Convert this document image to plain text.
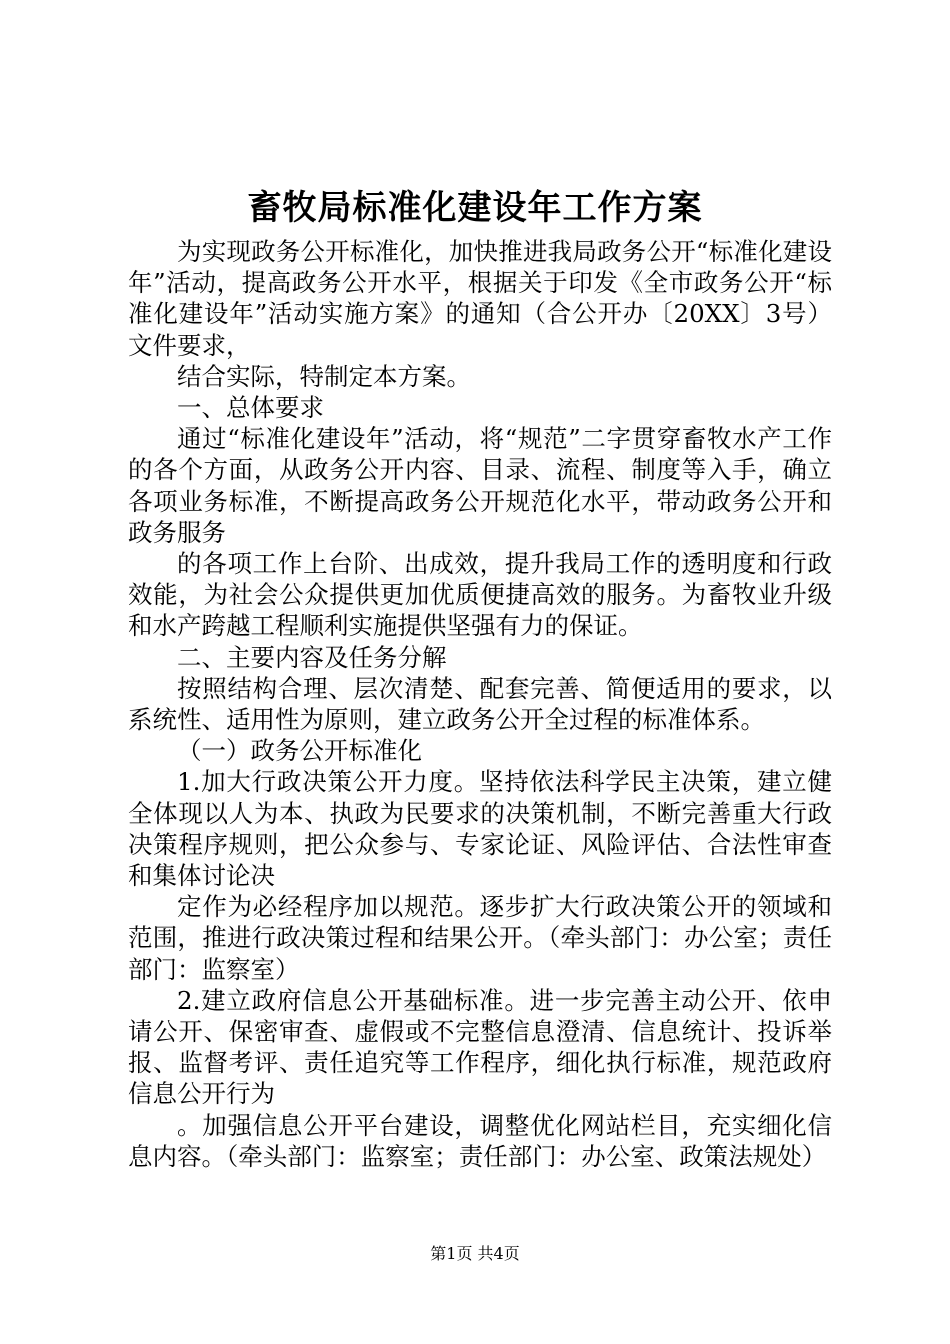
畜牧局标准化建设年工作方案

为实现政务公开标准化，加快推进我局政务公开“标准化建设年”活动，提高政务公开水平，根据关于印发《全市政务公开“标准化建设年”活动实施方案》的通知（合公开办〔20XX〕3号）文件要求，

结合实际，特制定本方案。

一、总体要求

通过“标准化建设年”活动，将“规范”二字贯穿畜牧水产工作的各个方面，从政务公开内容、目录、流程、制度等入手，确立各项业务标准，不断提高政务公开规范化水平，带动政务公开和政务服务

的各项工作上台阶、出成效，提升我局工作的透明度和行政效能，为社会公众提供更加优质便捷高效的服务。为畜牧业升级和水产跨越工程顺利实施提供坚强有力的保证。

二、主要内容及任务分解

按照结构合理、层次清楚、配套完善、简便适用的要求，以系统性、适用性为原则，建立政务公开全过程的标准体系。

（一）政务公开标准化

1.加大行政决策公开力度。坚持依法科学民主决策，建立健全体现以人为本、执政为民要求的决策机制，不断完善重大行政决策程序规则，把公众参与、专家论证、风险评估、合法性审查和集体讨论决

定作为必经程序加以规范。逐步扩大行政决策公开的领域和范围，推进行政决策过程和结果公开。（牵头部门：办公室；责任部门：监察室）

2.建立政府信息公开基础标准。进一步完善主动公开、依申请公开、保密审查、虚假或不完整信息澄清、信息统计、投诉举报、监督考评、责任追究等工作程序，细化执行标准，规范政府信息公开行为

。加强信息公开平台建设，调整优化网站栏目，充实细化信息内容。（牵头部门：监察室；责任部门：办公室、政策法规处）

第1页 共4页
